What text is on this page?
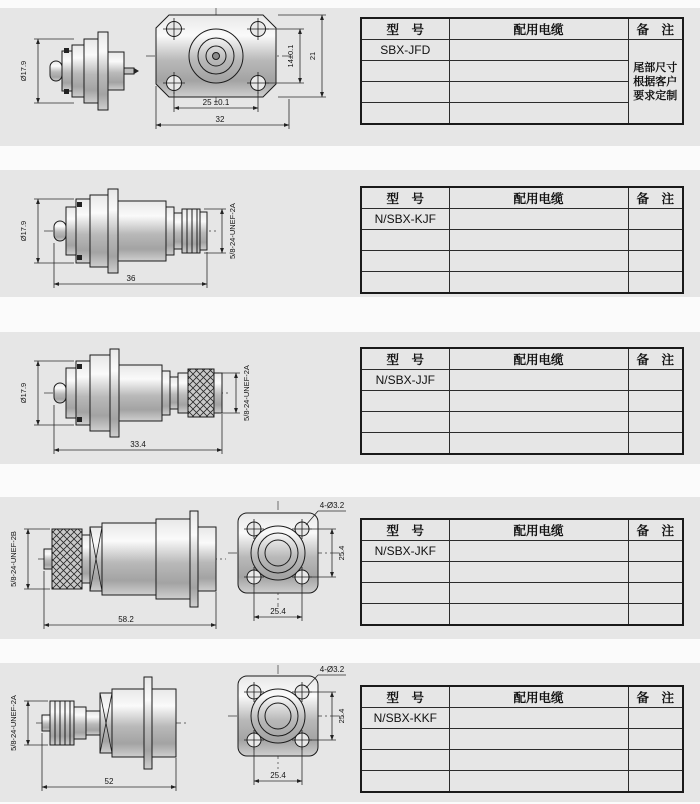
Ø17.9
14±0.1 21
25 ±0.1
32
型　号	配用电缆	备　注
SBX-JFD		尾部尺寸
根据客户
要求定制

Ø17.9	5/8-24-UNEF-2A
36
型　号	配用电缆	备　注
N/SBX-KJF		

Ø17.9	5/8-24-UNEF-2A
33.4
型　号	配用电缆	备　注
N/SBX-JJF		

5/8-24-UNEF-2B
58.2
4-Ø3.2
25.4
25.4
型　号	配用电缆	备　注
N/SBX-JKF		

5/8-24-UNEF-2A
52
4-Ø3.2
25.4
25.4
型　号	配用电缆	备　注
N/SBX-KKF		
